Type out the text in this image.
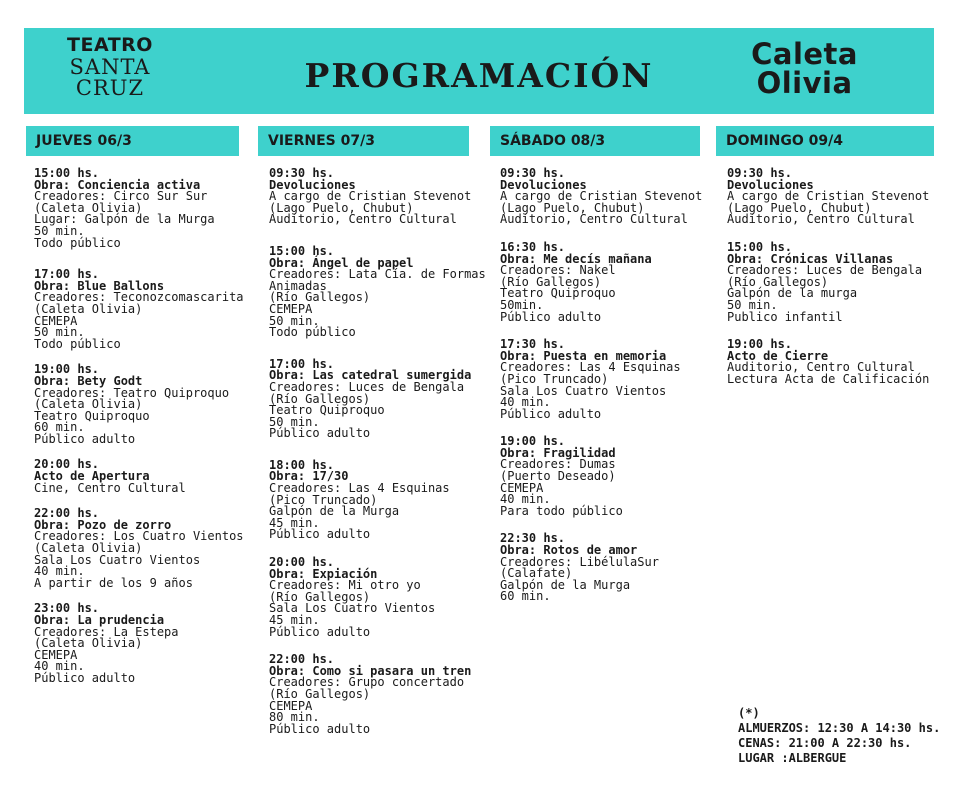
TEATRO
SANTA
CRUZ	PROGRAMACIÓN
Caleta
Olivia
JUEVES 06/3	VIERNES 07/3	SÁBADO 08/3	DOMINGO 09/4
15:00 hs.
Obra: Conciencia activa
Creadores: Circo Sur Sur
(Caleta Olivia)
Lugar: Galpón de la Murga
50 min.
Todo público
17:00 hs.
Obra: Blue Ballons
Creadores: Teconozcomascarita
(Caleta Olivia)
CEMEPA
50 min.
Todo público
19:00 hs.
Obra: Bety Godt
Creadores: Teatro Quiproquo
(Caleta Olivia)
Teatro Quiproquo
60 min.
Público adulto
20:00 hs.
Acto de Apertura
Cine, Centro Cultural
22:00 hs.
Obra: Pozo de zorro
Creadores: Los Cuatro Vientos
(Caleta Olivia)
Sala Los Cuatro Vientos
40 min.
A partir de los 9 años
23:00 hs.
Obra: La prudencia
Creadores: La Estepa
(Caleta Olivia)
CEMEPA
40 min.
Público adulto
09:30 hs.
Devoluciones
A cargo de Cristian Stevenot
(Lago Puelo, Chubut)
Auditorio, Centro Cultural
15:00 hs.
Obra: Ángel de papel
Creadores: Lata Cía. de Formas
Animadas
(Río Gallegos)
CEMEPA
50 min.
Todo público
17:00 hs.
Obra: Las catedral sumergida
Creadores: Luces de Bengala
(Río Gallegos)
Teatro Quiproquo
50 min.
Público adulto
18:00 hs.
Obra: 17/30
Creadores: Las 4 Esquinas
(Pico Truncado)
Galpón de la Murga
45 min.
Público adulto
20:00 hs.
Obra: Expiación
Creadores: Mi otro yo
(Río Gallegos)
Sala Los Cuatro Vientos
45 min.
Público adulto
22:00 hs.
Obra: Como si pasara un tren
Creadores: Grupo concertado
(Río Gallegos)
CEMEPA
80 min.
Público adulto
09:30 hs.
Devoluciones
A cargo de Cristian Stevenot
(Lago Puelo, Chubut)
Auditorio, Centro Cultural
16:30 hs.
Obra: Me decís mañana
Creadores: Nakel
(Río Gallegos)
Teatro Quiproquo
50min.
Público adulto
17:30 hs.
Obra: Puesta en memoria
Creadores: Las 4 Esquinas
(Pico Truncado)
Sala Los Cuatro Vientos
40 min.
Público adulto
19:00 hs.
Obra: Fragilidad
Creadores: Dumas
(Puerto Deseado)
CEMEPA
40 min.
Para todo público
22:30 hs.
Obra: Rotos de amor
Creadores: LibélulaSur
(Calafate)
Galpón de la Murga
60 min.
09:30 hs.
Devoluciones
A cargo de Cristian Stevenot
(Lago Puelo, Chubut)
Auditorio, Centro Cultural
15:00 hs.
Obra: Crónicas Villanas
Creadores: Luces de Bengala
(Río Gallegos)
Galpón de la murga
50 min.
Publico infantil
19:00 hs.
Acto de Cierre
Auditorio, Centro Cultural
Lectura Acta de Calificación
(*)
ALMUERZOS: 12:30 A 14:30 hs.
CENAS: 21:00 A 22:30 hs.
LUGAR :ALBERGUE
